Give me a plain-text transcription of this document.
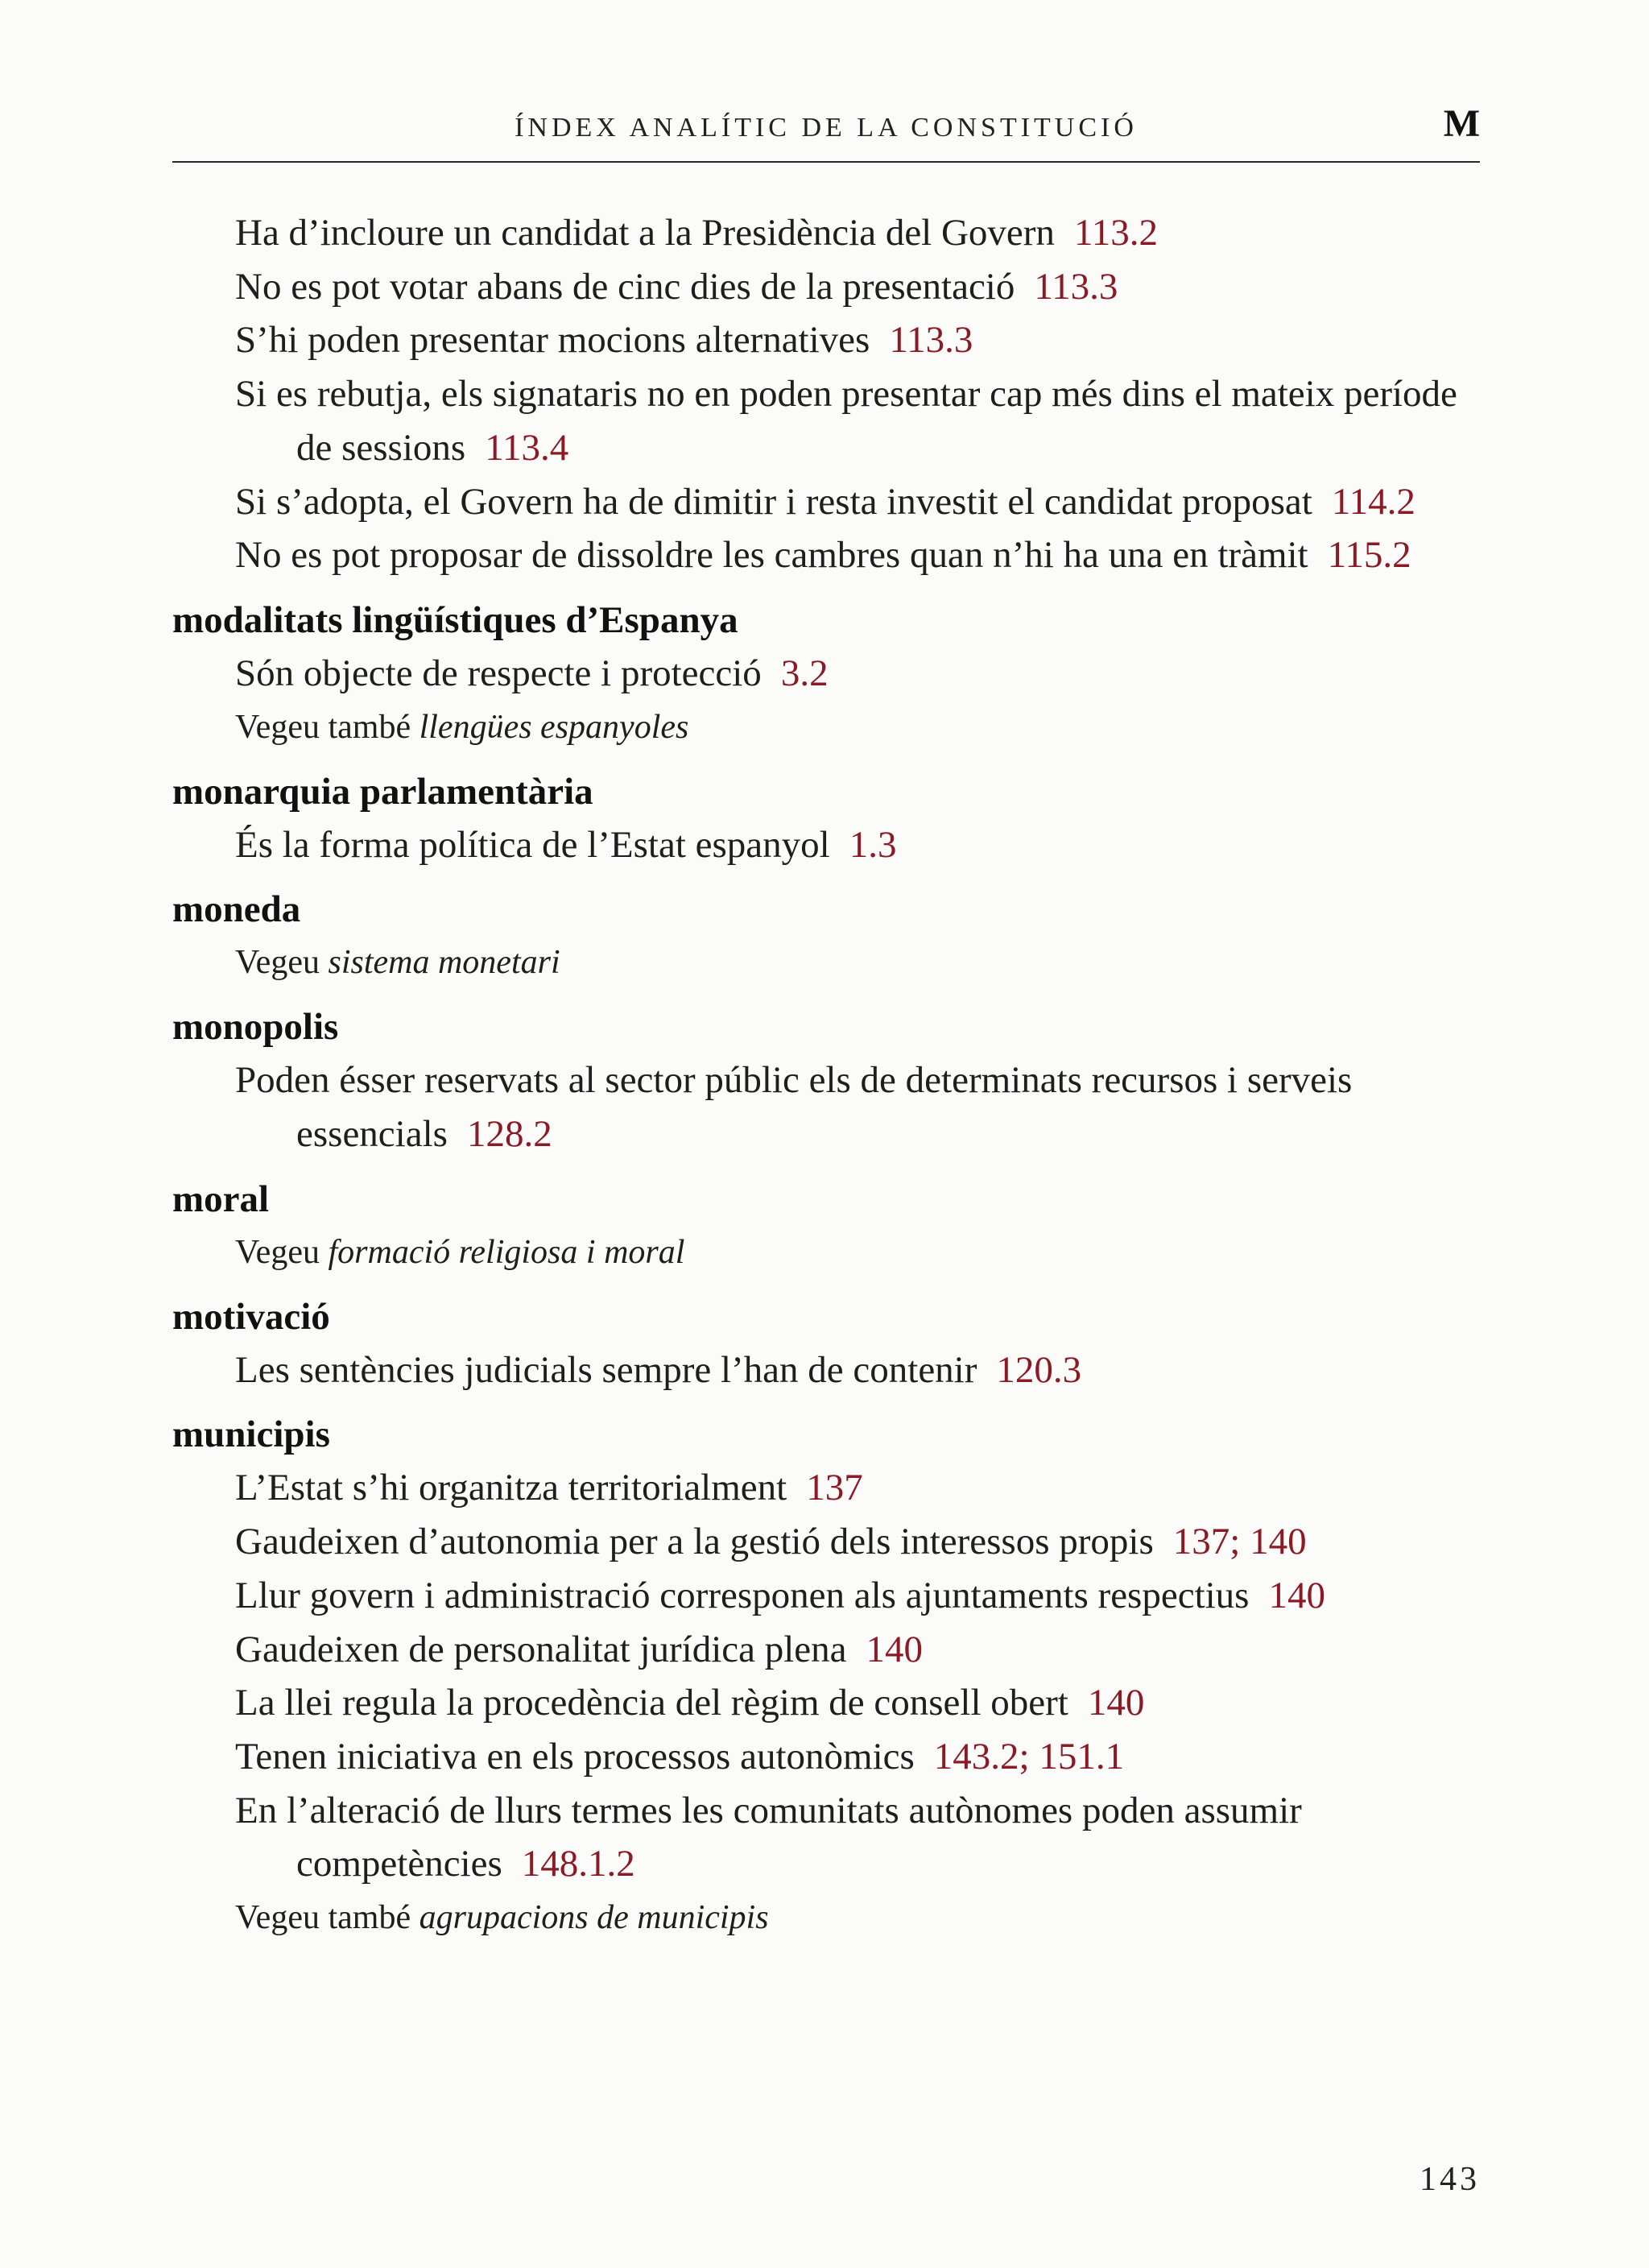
ÍNDEX ANALÍTIC DE LA CONSTITUCIÓ	M
Ha d’incloure un candidat a la Presidència del Govern 113.2
No es pot votar abans de cinc dies de la presentació 113.3
S’hi poden presentar mocions alternatives 113.3
Si es rebutja, els signataris no en poden presentar cap més dins el mateix període de sessions 113.4
Si s’adopta, el Govern ha de dimitir i resta investit el candidat proposat 114.2
No es pot proposar de dissoldre les cambres quan n’hi ha una en tràmit 115.2
modalitats lingüístiques d’Espanya
Són objecte de respecte i protecció 3.2
Vegeu també llengües espanyoles
monarquia parlamentària
És la forma política de l’Estat espanyol 1.3
moneda
Vegeu sistema monetari
monopolis
Poden ésser reservats al sector públic els de determinats recursos i serveis essencials 128.2
moral
Vegeu formació religiosa i moral
motivació
Les sentències judicials sempre l’han de contenir 120.3
municipis
L’Estat s’hi organitza territorialment 137
Gaudeixen d’autonomia per a la gestió dels interessos propis 137; 140
Llur govern i administració corresponen als ajuntaments respectius 140
Gaudeixen de personalitat jurídica plena 140
La llei regula la procedència del règim de consell obert 140
Tenen iniciativa en els processos autonòmics 143.2; 151.1
En l’alteració de llurs termes les comunitats autònomes poden assumir competències 148.1.2
Vegeu també agrupacions de municipis
143
